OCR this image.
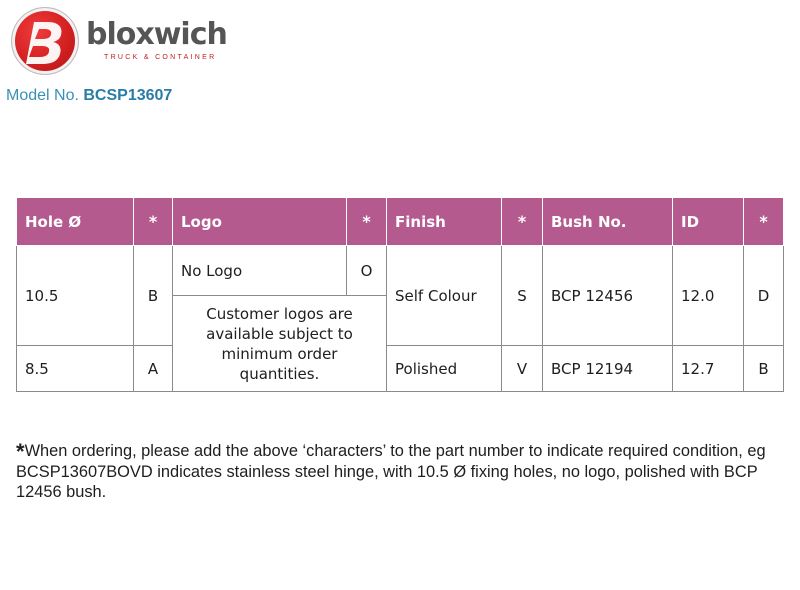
bloxwich
TRUCK & CONTAINER
Model No. BCSP13607
Hole Ø	*	Logo	*	Finish	*	Bush No.	ID	*
10.5	B	No Logo	O	Self Colour	S	BCP 12456	12.0	D
		Customer logos are available subject to minimum order quantities.						
8.5	A			Polished	V	BCP 12194	12.7	B
*When ordering, please add the above ‘characters’ to the part number to indicate required condition, eg BCSP13607BOVD indicates stainless steel hinge, with 10.5 Ø fixing holes, no logo, polished with BCP 12456 bush.
